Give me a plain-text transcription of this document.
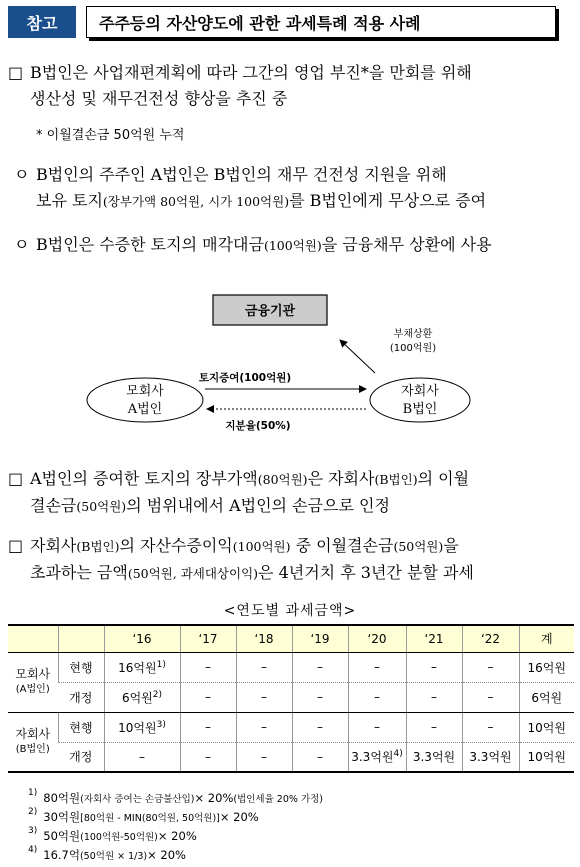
참고	주주등의 자산양도에 관한 과세특례 적용 사례
□ B법인은 사업재편계획에 따라 그간의 영업 부진*을 만회를 위해
생산성 및 재무건전성 향상을 추진 중
* 이월결손금 50억원 누적
ㅇ B법인의 주주인 A법인은 B법인의 재무 건전성 지원을 위해
보유 토지(장부가액 80억원, 시가 100억원)를 B법인에게 무상으로 증여
ㅇ B법인은 수증한 토지의 매각대금(100억원)을 금융채무 상환에 사용
금융기관
부채상환
(100억원)
모회사
A법인
자회사
B법인
토지증여(100억원)
지분율(50%)
□ A법인의 증여한 토지의 장부가액(80억원)은 자회사(B법인)의 이월
결손금(50억원)의 범위내에서 A법인의 손금으로 인정
□ 자회사(B법인)의 자산수증이익(100억원) 중 이월결손금(50억원)을
초과하는 금액(50억원, 과세대상이익)은 4년거치 후 3년간 분할 과세
<연도별 과세금액>
		‘16	‘17	‘18	‘19	‘20	‘21	‘22	계

모회사
(A법인)	현행	16억원$^{1)}$	–	–	–	–	–	–	16억원
	개정	6억원$^{2)}$	–	–	–	–	–	–	6억원

자회사
(B법인)	현행	10억원$^{3)}$	–	–	–	–	–	–	10억원
	개정	–	–	–	–	3.3억원$^{4)}$	3.3억원	3.3억원	10억원
1) 80억원 (자회사 증여는 손금불산입) × 20% (법인세율 20% 가정)
2) 30억원 [80억원 - MIN(80억원, 50억원)] × 20%
3) 50억원 (100억원-50억원) × 20%
4) 16.7억 (50억원 × 1/3) × 20%
